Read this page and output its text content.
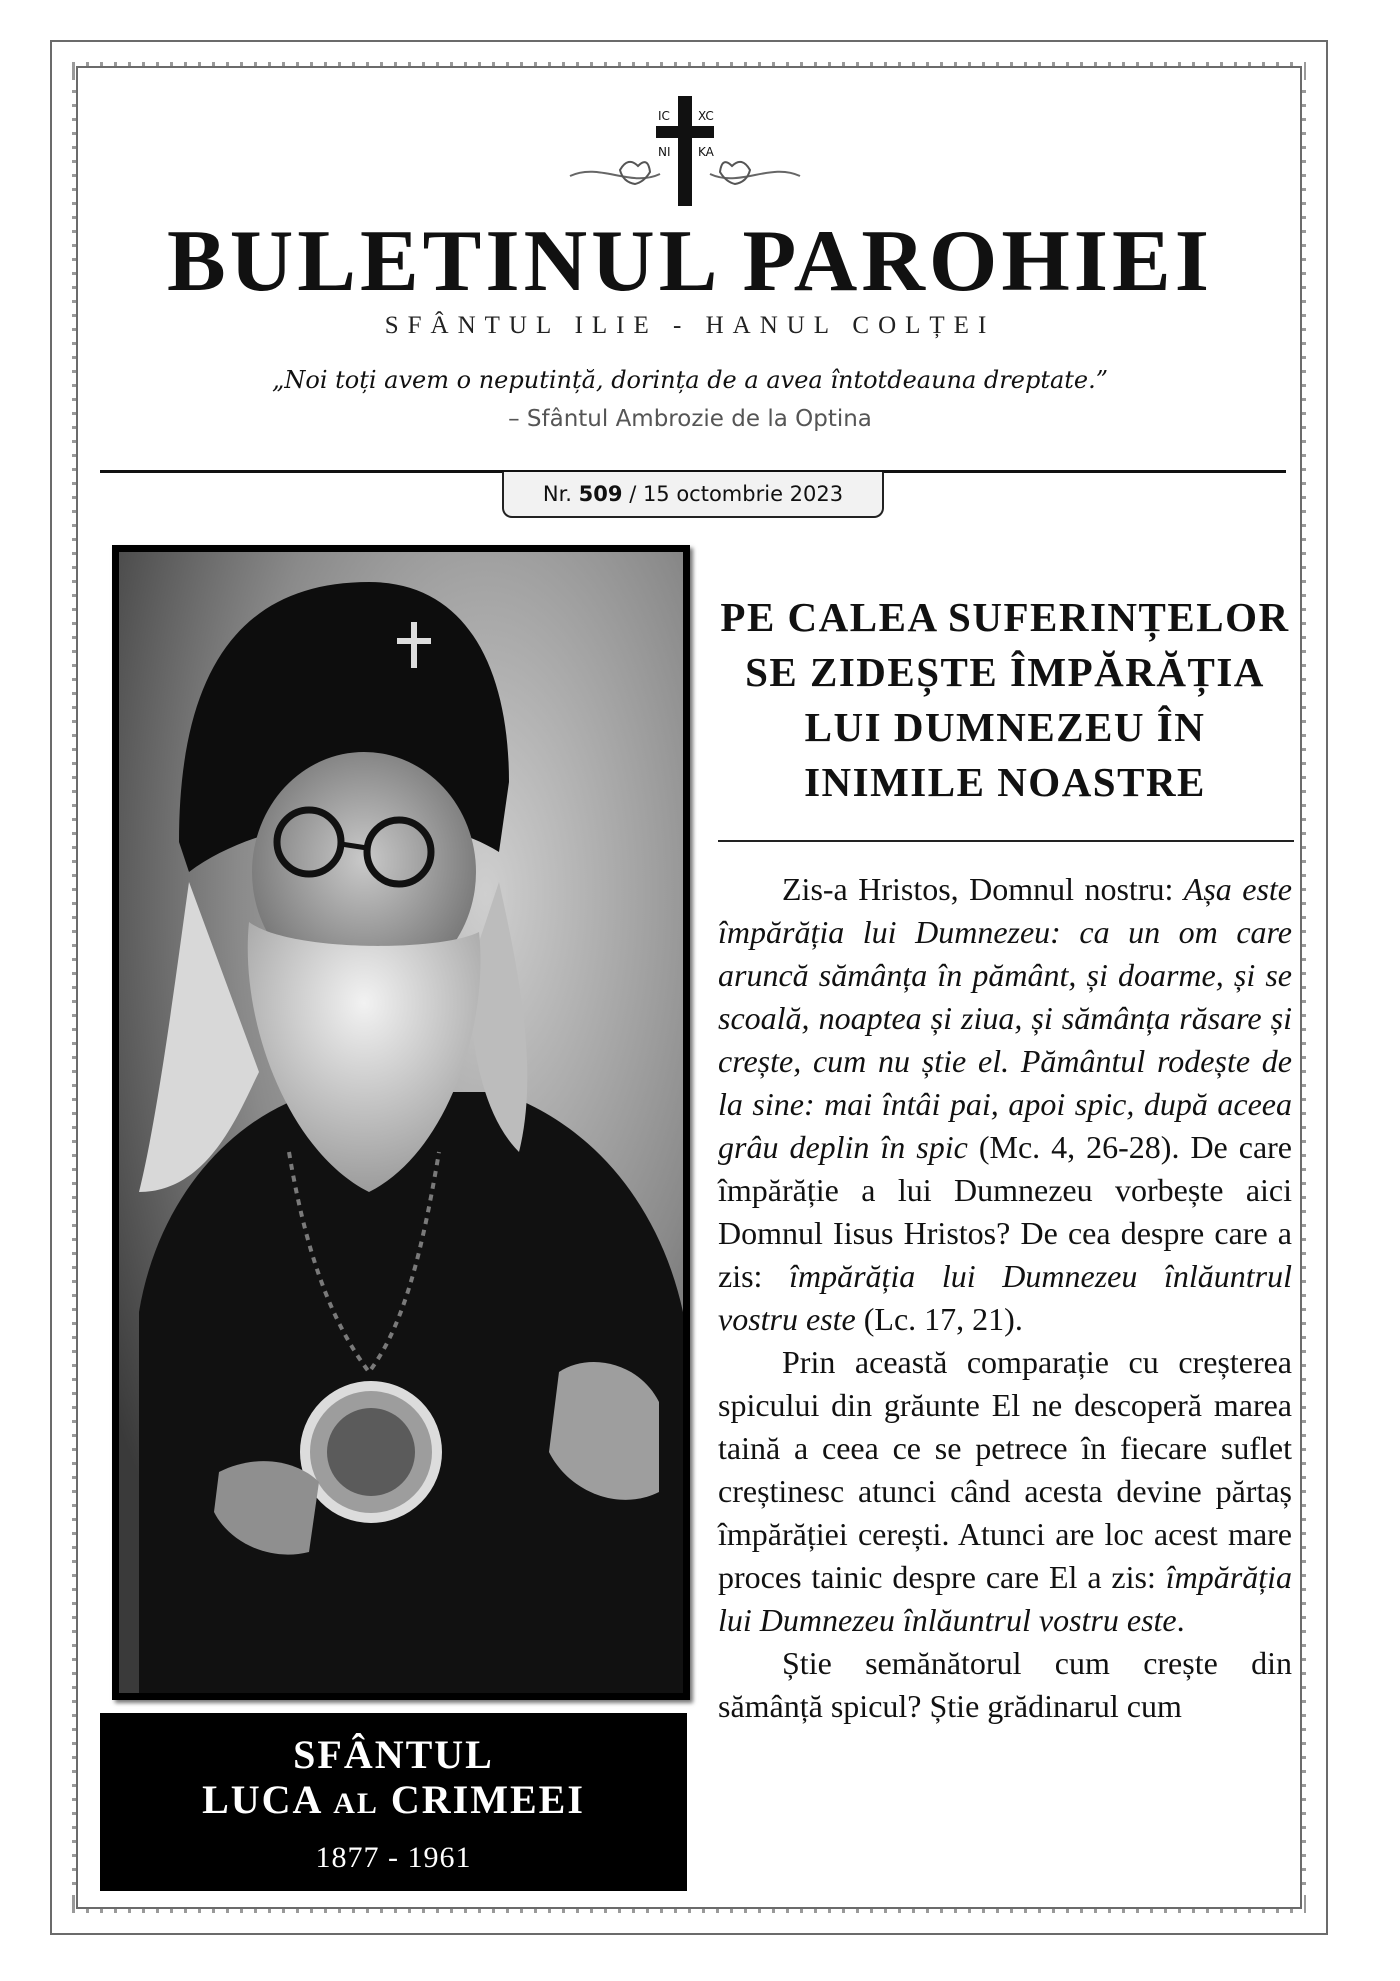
IC XC
NI KA
BULETINUL PAROHIEI
SFÂNTUL ILIE - HANUL COLȚEI
„Noi toți avem o neputință, dorința de a avea întotdeauna dreptate.”
– Sfântul Ambrozie de la Optina
Nr. 509 / 15 octombrie 2023
SFÂNTUL
LUCA AL CRIMEEI
1877 - 1961
PE CALEA SUFERINȚELOR SE ZIDEȘTE ÎMPĂRĂȚIA LUI DUMNEZEU ÎN INIMILE NOASTRE

Zis-a Hristos, Domnul nostru: Așa este împărăția lui Dumnezeu: ca un om care aruncă sămânța în pământ, și doarme, și se scoală, noaptea și ziua, și sămânța răsare și crește, cum nu știe el. Pământul rodește de la sine: mai întâi pai, apoi spic, după aceea grâu deplin în spic (Mc. 4, 26-28). De care împărăție a lui Dumnezeu vorbește aici Domnul Iisus Hristos? De cea despre care a zis: împărăția lui Dumnezeu înlăuntrul vostru este (Lc. 17, 21).

Prin această comparație cu creșterea spicului din grăunte El ne descoperă marea taină a ceea ce se petrece în fiecare suflet creștinesc atunci când acesta devine părtaș împărăției cerești. Atunci are loc acest mare proces tainic despre care El a zis: împărăția lui Dumnezeu înlăuntrul vostru este.

Știe semănătorul cum crește din sămânță spicul? Știe grădinarul cum
